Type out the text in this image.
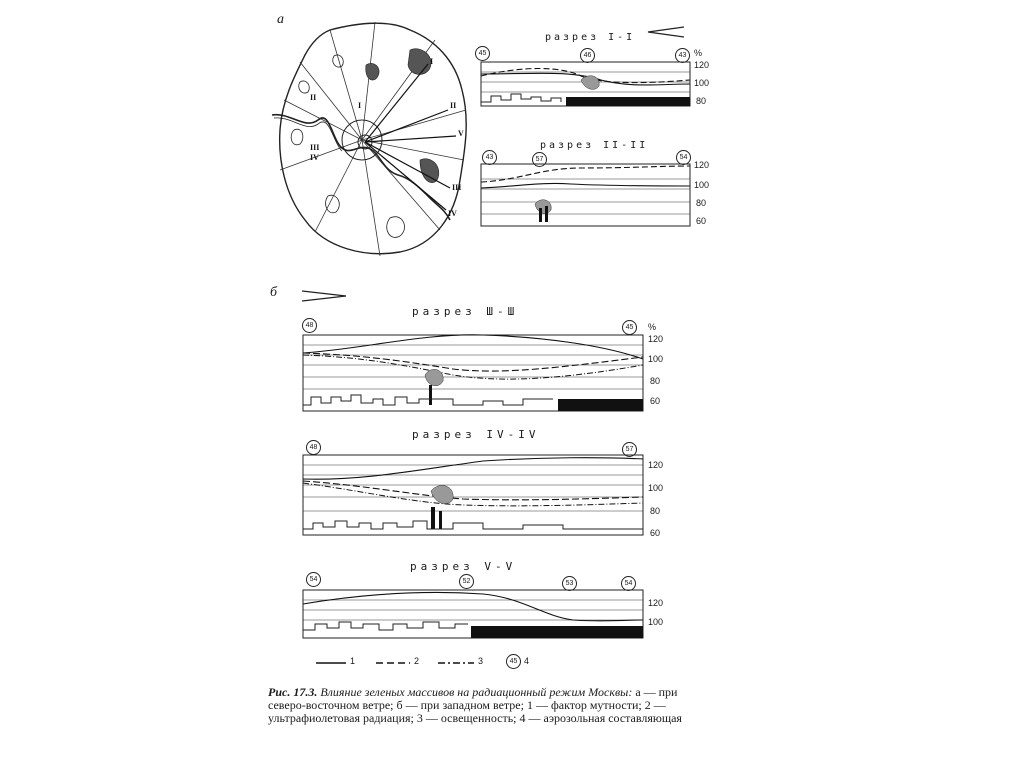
a
I
II
V
III
IV
I
II
III
IV
разрез I-I
%
45	46	43
120
100
80
разрез II-II
43	57	54
120
100
80
60
б
разрез Ш-Ш
48	45	%
120
100
80
60
разрез IV-IV
48	57
120
100
80
60
разрез V-V
54	52	53	54
120
100
1	2	3	45 4
Рис. 17.3. Влияние зеленых массивов на радиационный режим Москвы: а — при северо-восточном ветре; б — при западном ветре; 1 — фактор мутности; 2 — ультрафиолетовая радиация; 3 — освещенность; 4 — аэрозольная составляющая
